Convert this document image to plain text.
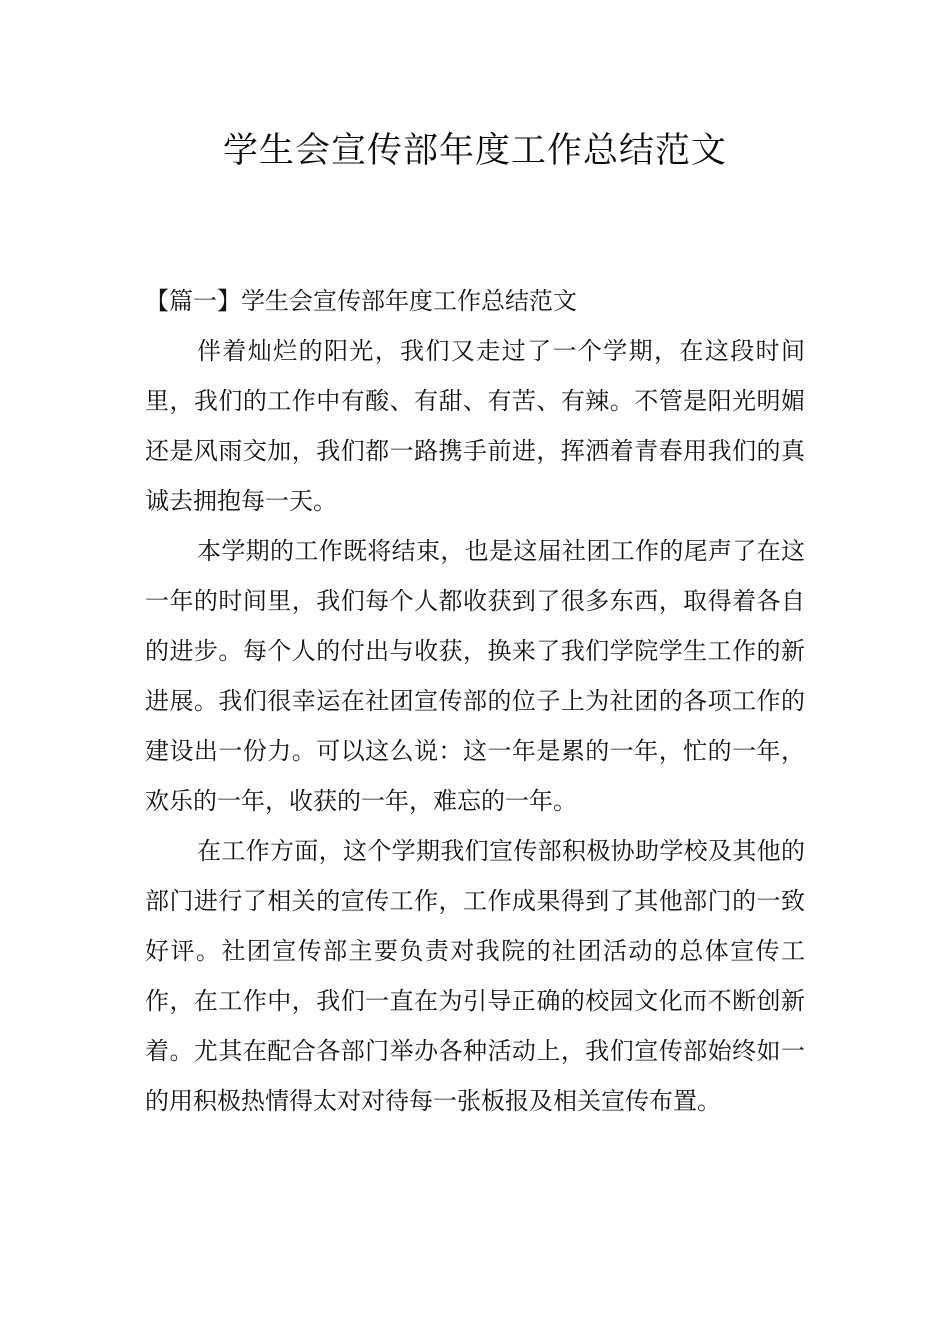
学生会宣传部年度工作总结范文

【篇一】学生会宣传部年度工作总结范文

伴着灿烂的阳光，我们又走过了一个学期，在这段时间里，我们的工作中有酸、有甜、有苦、有辣。不管是阳光明媚还是风雨交加，我们都一路携手前进，挥洒着青春用我们的真诚去拥抱每一天。

本学期的工作既将结束，也是这届社团工作的尾声了在这一年的时间里，我们每个人都收获到了很多东西，取得着各自的进步。每个人的付出与收获，换来了我们学院学生工作的新进展。我们很幸运在社团宣传部的位子上为社团的各项工作的建设出一份力。可以这么说：这一年是累的一年，忙的一年，欢乐的一年，收获的一年，难忘的一年。

在工作方面，这个学期我们宣传部积极协助学校及其他的部门进行了相关的宣传工作，工作成果得到了其他部门的一致好评。社团宣传部主要负责对我院的社团活动的总体宣传工作，在工作中，我们一直在为引导正确的校园文化而不断创新着。尤其在配合各部门举办各种活动上，我们宣传部始终如一的用积极热情得太对对待每一张板报及相关宣传布置。
